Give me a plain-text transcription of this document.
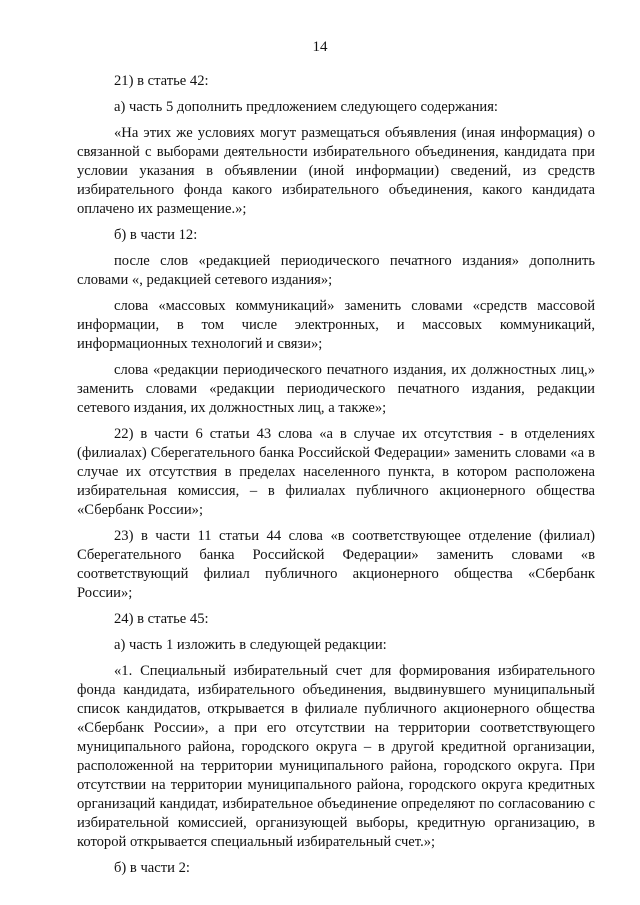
14

21) в статье 42:

а) часть 5 дополнить предложением следующего содержания:

«На этих же условиях могут размещаться объявления (иная информация) о связанной с выборами деятельности избирательного объединения, кандидата при условии указания в объявлении (иной информации) сведений, из средств избирательного фонда какого избирательного объединения, какого кандидата оплачено их размещение.»;

б) в части 12:

после слов «редакцией периодического печатного издания» дополнить словами «, редакцией сетевого издания»;

слова «массовых коммуникаций» заменить словами «средств массовой информации, в том числе электронных, и массовых коммуникаций, информационных технологий и связи»;

слова «редакции периодического печатного издания, их должностных лиц,» заменить словами «редакции периодического печатного издания, редакции сетевого издания, их должностных лиц, а также»;

22) в части 6 статьи 43 слова «а в случае их отсутствия - в отделениях (филиалах) Сберегательного банка Российской Федерации» заменить словами «а в случае их отсутствия в пределах населенного пункта, в котором расположена избирательная комиссия, – в филиалах публичного акционерного общества «Сбербанк России»;

23) в части 11 статьи 44 слова «в соответствующее отделение (филиал) Сберегательного банка Российской Федерации» заменить словами «в соответствующий филиал публичного акционерного общества «Сбербанк России»;

24) в статье 45:

а) часть 1 изложить в следующей редакции:

«1. Специальный избирательный счет для формирования избирательного фонда кандидата, избирательного объединения, выдвинувшего муниципальный список кандидатов, открывается в филиале публичного акционерного общества «Сбербанк России», а при его отсутствии на территории соответствующего муниципального района, городского округа – в другой кредитной организации, расположенной на территории муниципального района, городского округа. При отсутствии на территории муниципального района, городского округа кредитных организаций кандидат, избирательное объединение определяют по согласованию с избирательной комиссией, организующей выборы, кредитную организацию, в которой открывается специальный избирательный счет.»;

б) в части 2:
